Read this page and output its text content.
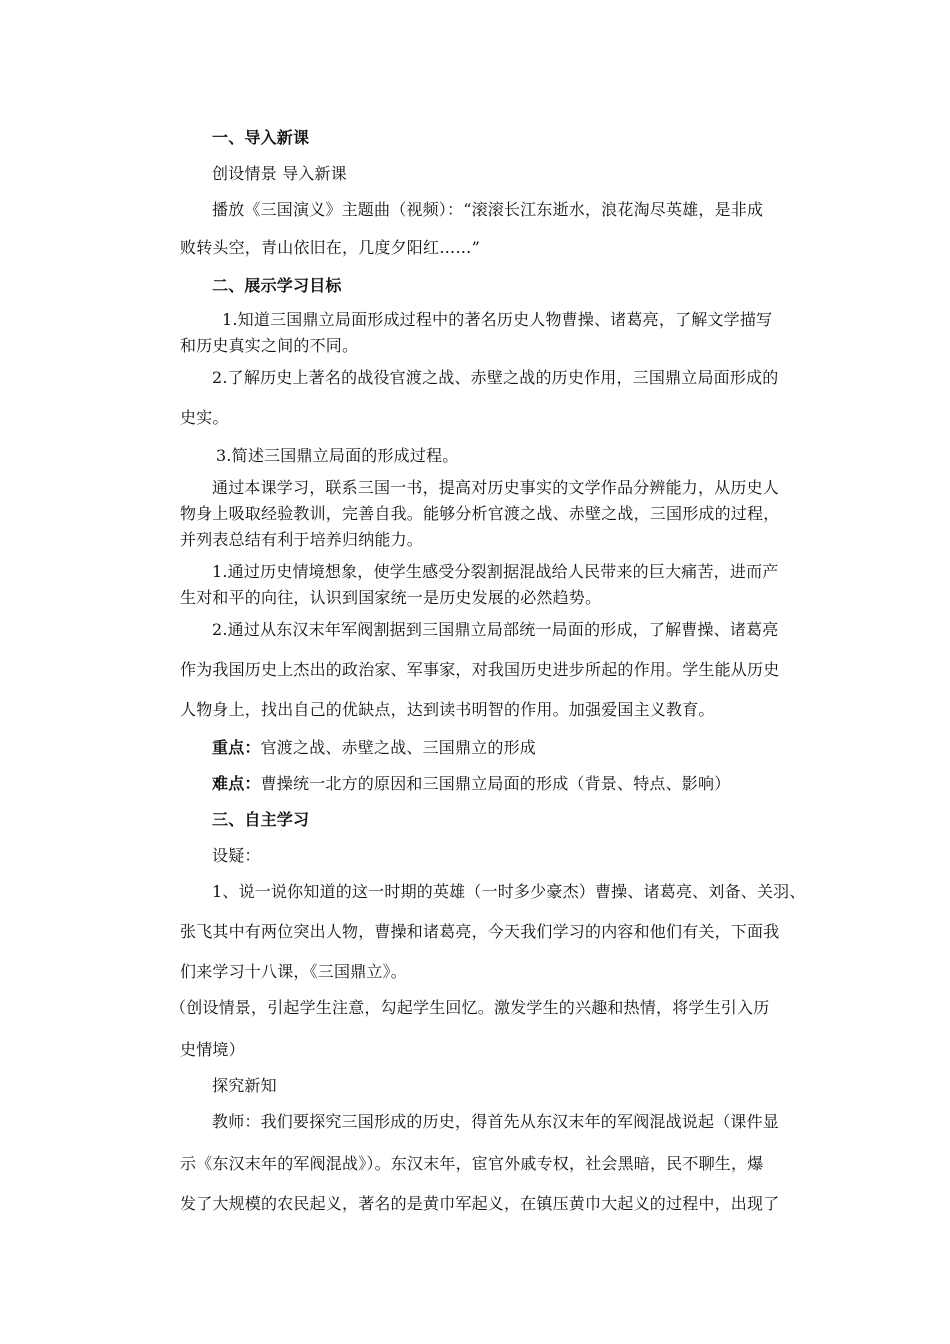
一、导入新课
创设情景 导入新课
播放《三国演义》主题曲（视频）：“滚滚长江东逝水，浪花淘尽英雄，是非成
败转头空，青山依旧在，几度夕阳红……”
二、展示学习目标
1.知道三国鼎立局面形成过程中的著名历史人物曹操、诸葛亮，了解文学描写
和历史真实之间的不同。
2.了解历史上著名的战役官渡之战、赤壁之战的历史作用，三国鼎立局面形成的
史实。
3.简述三国鼎立局面的形成过程。
通过本课学习，联系三国一书，提高对历史事实的文学作品分辨能力，从历史人
物身上吸取经验教训，完善自我。能够分析官渡之战、赤壁之战，三国形成的过程，
并列表总结有利于培养归纳能力。
1.通过历史情境想象，使学生感受分裂割据混战给人民带来的巨大痛苦，进而产
生对和平的向往，认识到国家统一是历史发展的必然趋势。
2.通过从东汉末年军阀割据到三国鼎立局部统一局面的形成，了解曹操、诸葛亮
作为我国历史上杰出的政治家、军事家，对我国历史进步所起的作用。学生能从历史
人物身上，找出自己的优缺点，达到读书明智的作用。加强爱国主义教育。
重点：官渡之战、赤壁之战、三国鼎立的形成
难点：曹操统一北方的原因和三国鼎立局面的形成（背景、特点、影响）
三、自主学习
设疑：
1、说一说你知道的这一时期的英雄（一时多少豪杰）曹操、诸葛亮、刘备、关羽、
张飞其中有两位突出人物，曹操和诸葛亮，今天我们学习的内容和他们有关，下面我
们来学习十八课，《三国鼎立》。
（创设情景，引起学生注意，勾起学生回忆。激发学生的兴趣和热情，将学生引入历
史情境）
探究新知
教师：我们要探究三国形成的历史，得首先从东汉末年的军阀混战说起（课件显
示《东汉末年的军阀混战》）。东汉末年，宦官外戚专权，社会黑暗，民不聊生，爆
发了大规模的农民起义，著名的是黄巾军起义，在镇压黄巾大起义的过程中，出现了
